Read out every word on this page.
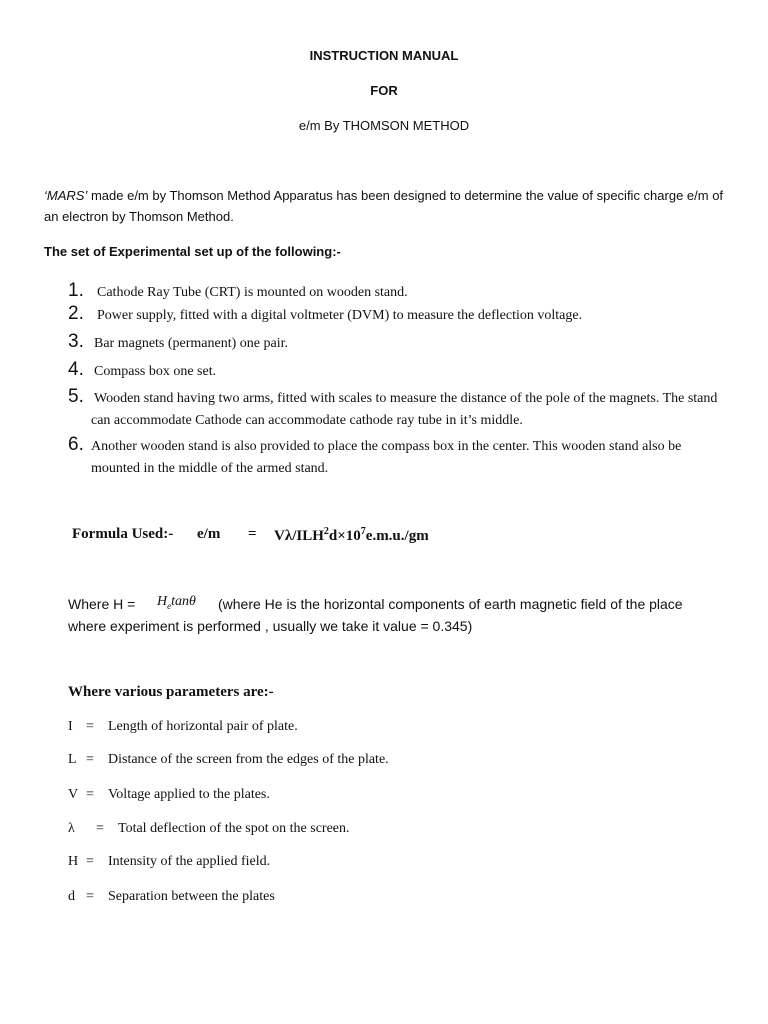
INSTRUCTION MANUAL
FOR
e/m By THOMSON METHOD
‘MARS’ made e/m by Thomson Method Apparatus has been designed to determine the value of specific charge e/m of an electron by Thomson Method.
The set of Experimental set up of the following:-
1. Cathode Ray Tube (CRT) is mounted on wooden stand.
2. Power supply, fitted with a digital voltmeter (DVM) to measure the deflection voltage.
3. Bar magnets (permanent) one pair.
4. Compass box one set.
5. Wooden stand having two arms, fitted with scales to measure the distance of the pole of the magnets. The stand can accommodate Cathode can accommodate cathode ray tube in it’s middle.
6. Another wooden stand is also provided to place the compass box in the center. This wooden stand also be mounted in the middle of the armed stand.
Formula Used:- $e/m = V\lambda/ILH^2d\times 10^7e.m.u./gm$
Where $H = H_e\tan\theta$ (where He is the horizontal components of earth magnetic field of the place
where experiment is performed , usually we take it value = 0.345)
Where various parameters are:-
I = Length of horizontal pair of plate.
L = Distance of the screen from the edges of the plate.
V = Voltage applied to the plates.
λ = Total deflection of the spot on the screen.
H = Intensity of the applied field.
d = Separation between the plates
